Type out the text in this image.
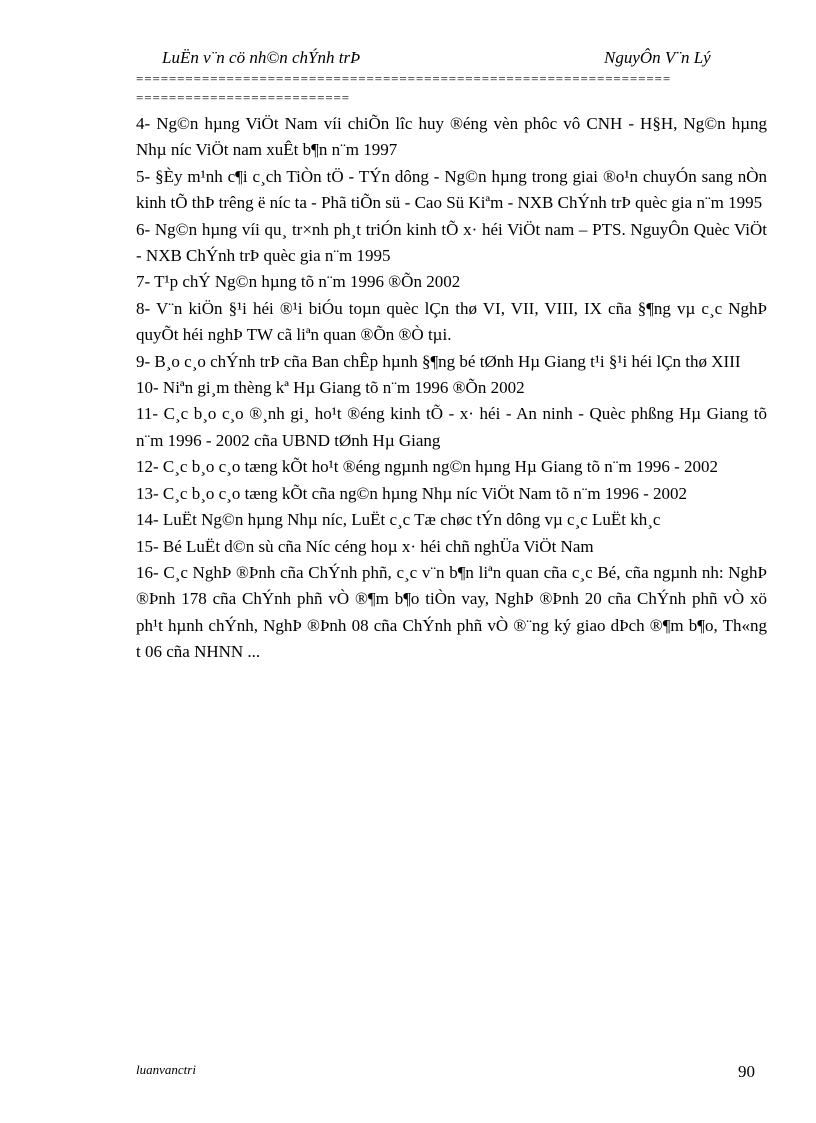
LuËn v¨n cö nh©n chÝnh trÞ	NguyÔn V¨n Lý
=================================================================
==========================
4- Ng©n hµng ViÖt Nam víi chiÕn lîc huy ®éng vèn phôc vô CNH - H§H, Ng©n hµng Nhµ níc ViÖt nam xuÊt b¶n n¨m 1997
5- §Èy m¹nh c¶i c¸ch TiÒn tÖ - TÝn dông - Ng©n hµng trong giai ®o¹n chuyÓn sang nÒn kinh tÕ thÞ trêng ë níc ta - Phã tiÕn sü - Cao Sü Kiªm - NXB ChÝnh trÞ quèc gia n¨m 1995
6- Ng©n hµng víi qu¸ tr×nh ph¸t triÓn kinh tÕ x· héi ViÖt nam – PTS. NguyÔn Quèc ViÖt - NXB ChÝnh trÞ quèc gia n¨m 1995
7- T¹p chÝ Ng©n hµng tõ n¨m 1996 ®Õn 2002
8- V¨n kiÖn §¹i héi ®¹i biÓu toµn quèc lÇn thø VI, VII, VIII, IX cña §¶ng vµ c¸c NghÞ quyÕt héi nghÞ TW cã liªn quan ®Õn ®Ò tµi.
9- B¸o c¸o chÝnh trÞ cña Ban chÊp hµnh §¶ng bé tØnh Hµ Giang t¹i §¹i héi lÇn thø XIII
10- Niªn gi¸m thèng kª Hµ Giang tõ n¨m 1996 ®Õn 2002
11- C¸c b¸o c¸o ®¸nh gi¸ ho¹t ®éng kinh tÕ - x· héi - An ninh - Quèc phßng Hµ Giang tõ n¨m 1996 - 2002 cña UBND tØnh Hµ Giang
12- C¸c b¸o c¸o tæng kÕt ho¹t ®éng ngµnh ng©n hµng Hµ Giang tõ n¨m 1996 - 2002
13- C¸c b¸o c¸o tæng kÕt cña ng©n hµng Nhµ níc ViÖt Nam tõ n¨m 1996 - 2002
14- LuËt Ng©n hµng Nhµ níc, LuËt c¸c Tæ chøc tÝn dông vµ c¸c LuËt kh¸c
15- Bé LuËt d©n sù cña Níc céng hoµ x· héi chñ nghÜa ViÖt Nam
16- C¸c NghÞ ®Þnh cña ChÝnh phñ, c¸c v¨n b¶n liªn quan cña c¸c Bé, cña ngµnh nh: NghÞ ®Þnh 178 cña ChÝnh phñ vÒ ®¶m b¶o tiÒn vay, NghÞ ®Þnh 20 cña ChÝnh phñ vÒ xö ph¹t hµnh chÝnh, NghÞ ®Þnh 08 cña ChÝnh phñ vÒ ®¨ng ký giao dÞch ®¶m b¶o, Th«ng t 06 cña NHNN ...
luanvanctri	90
